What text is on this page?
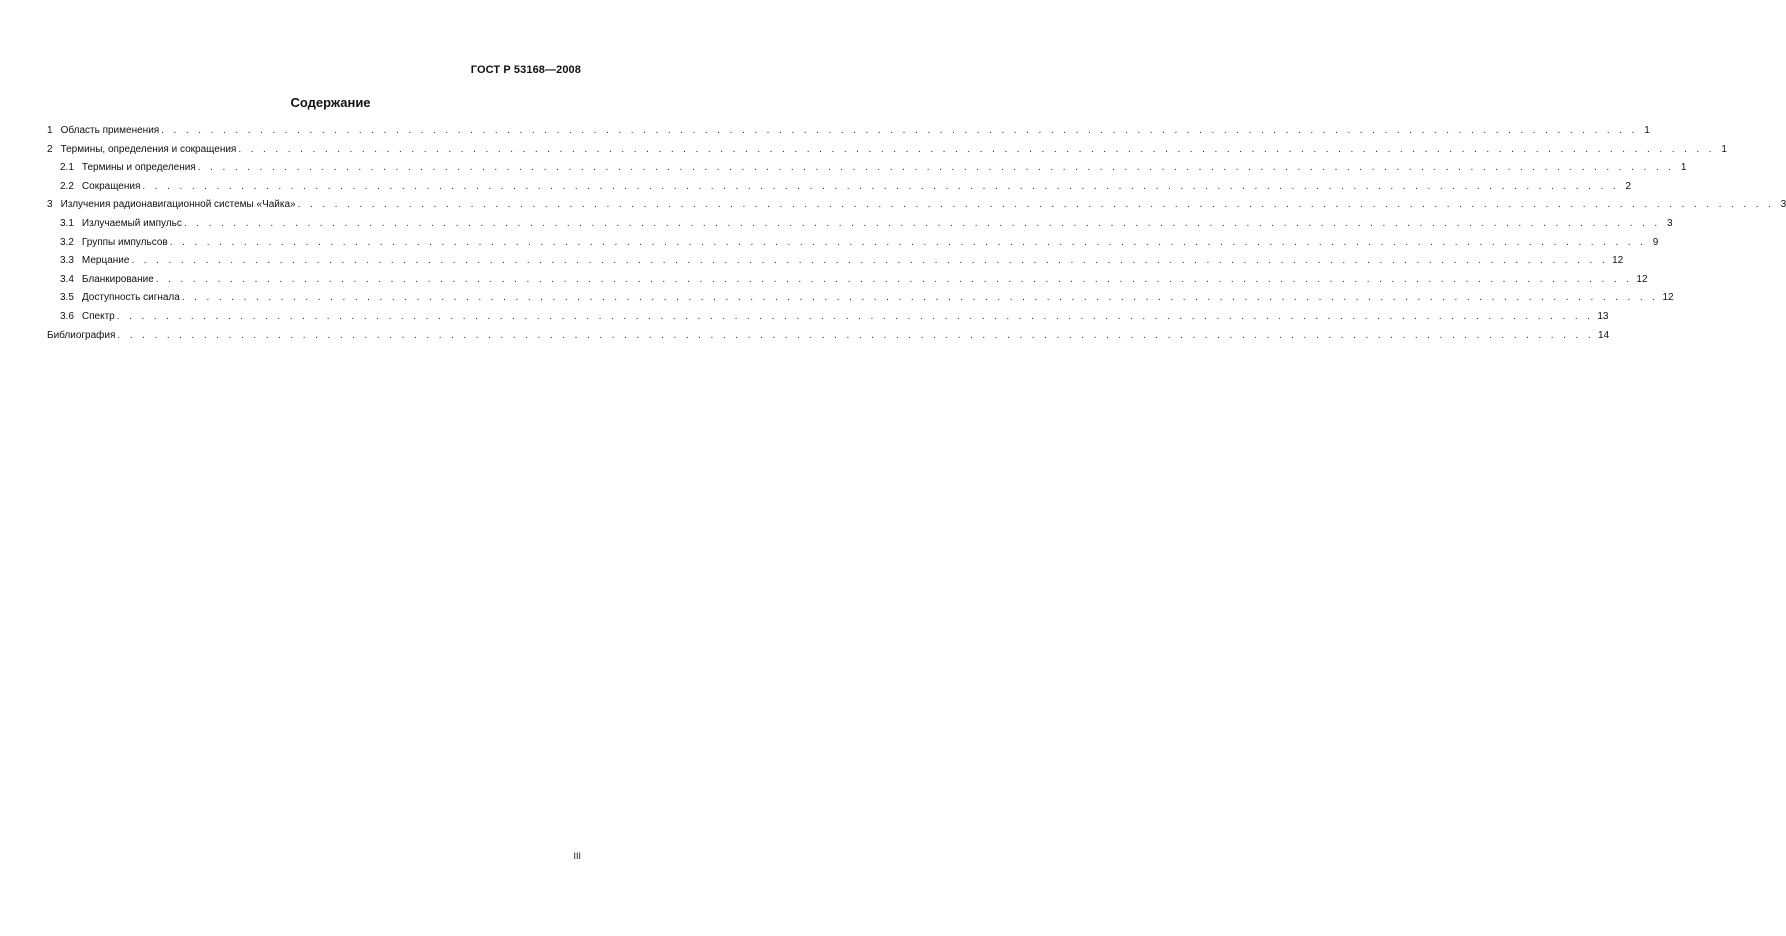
ГОСТ Р 53168—2008
Содержание
1 Область применения . . . . . . . . . . . . . . . . . . . . . . . . . . . . . . . . . . . . . . . . . . . . . . . . . . . . . . . . . . . . . . . . . . . . . . . . . . . . . . . . . . . . . . . . . . . . . . . . . . . . . . . . . . . . . . . . . . . . . . . . 1
2 Термины, определения и сокращения . . . . . . . . . . . . . . . . . . . . . . . . . . . . . . . . . . . . . . . . . . . . . . . . . . . . . . . . . . . . . . . . . . . . . . . . . . . . . . . . . . . . . . . . . . . . . . . . . . . . . . . . . . . . . . . . . . . . . . . . 1
2.1 Термины и определения . . . . . . . . . . . . . . . . . . . . . . . . . . . . . . . . . . . . . . . . . . . . . . . . . . . . . . . . . . . . . . . . . . . . . . . . . . . . . . . . . . . . . . . . . . . . . . . . . . . . . . . . . . . . . . . . . . . . . . . . 1
2.2 Сокращения . . . . . . . . . . . . . . . . . . . . . . . . . . . . . . . . . . . . . . . . . . . . . . . . . . . . . . . . . . . . . . . . . . . . . . . . . . . . . . . . . . . . . . . . . . . . . . . . . . . . . . . . . . . . . . . . . . . . . . . . 2
3 Излучения радионавигационной системы «Чайка» . . . . . . . . . . . . . . . . . . . . . . . . . . . . . . . . . . . . . . . . . . . . . . . . . . . . . . . . . . . . . . . . . . . . . . . . . . . . . . . . . . . . . . . . . . . . . . . . . . . . . . . . . . . . . . . . . . . . . . . . 3
3.1 Излучаемый импульс . . . . . . . . . . . . . . . . . . . . . . . . . . . . . . . . . . . . . . . . . . . . . . . . . . . . . . . . . . . . . . . . . . . . . . . . . . . . . . . . . . . . . . . . . . . . . . . . . . . . . . . . . . . . . . . . . . . . . . . . 3
3.2 Группы импульсов . . . . . . . . . . . . . . . . . . . . . . . . . . . . . . . . . . . . . . . . . . . . . . . . . . . . . . . . . . . . . . . . . . . . . . . . . . . . . . . . . . . . . . . . . . . . . . . . . . . . . . . . . . . . . . . . . . . . . . . . 9
3.3 Мерцание . . . . . . . . . . . . . . . . . . . . . . . . . . . . . . . . . . . . . . . . . . . . . . . . . . . . . . . . . . . . . . . . . . . . . . . . . . . . . . . . . . . . . . . . . . . . . . . . . . . . . . . . . . . . . . . . . . . . . . . . 12
3.4 Бланкирование . . . . . . . . . . . . . . . . . . . . . . . . . . . . . . . . . . . . . . . . . . . . . . . . . . . . . . . . . . . . . . . . . . . . . . . . . . . . . . . . . . . . . . . . . . . . . . . . . . . . . . . . . . . . . . . . . . . . . . . . 12
3.5 Доступность сигнала . . . . . . . . . . . . . . . . . . . . . . . . . . . . . . . . . . . . . . . . . . . . . . . . . . . . . . . . . . . . . . . . . . . . . . . . . . . . . . . . . . . . . . . . . . . . . . . . . . . . . . . . . . . . . . . . . . . . . . . . 12
3.6 Спектр . . . . . . . . . . . . . . . . . . . . . . . . . . . . . . . . . . . . . . . . . . . . . . . . . . . . . . . . . . . . . . . . . . . . . . . . . . . . . . . . . . . . . . . . . . . . . . . . . . . . . . . . . . . . . . . . . . . . . . . . 13
Библиография . . . . . . . . . . . . . . . . . . . . . . . . . . . . . . . . . . . . . . . . . . . . . . . . . . . . . . . . . . . . . . . . . . . . . . . . . . . . . . . . . . . . . . . . . . . . . . . . . . . . . . . . . . . . . . . . . . . . . . . . 14
III
